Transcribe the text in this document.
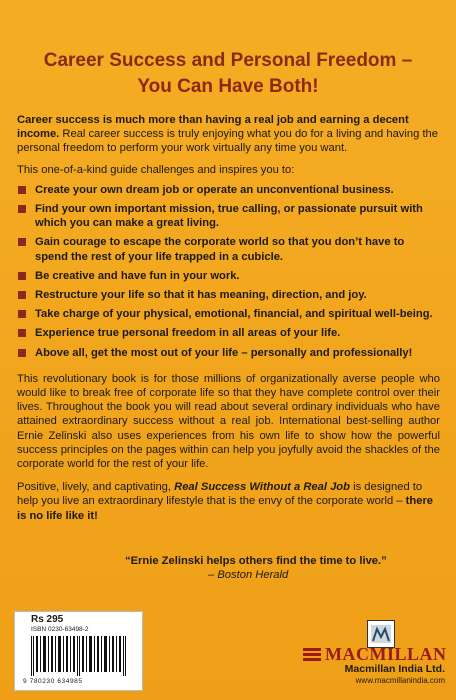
Career Success and Personal Freedom –
You Can Have Both!

Career success is much more than having a real job and earning a decent income. Real career success is truly enjoying what you do for a living and having the personal freedom to perform your work virtually any time you want.

This one-of-a-kind guide challenges and inspires you to:

Create your own dream job or operate an unconventional business.
Find your own important mission, true calling, or passionate pursuit with which you can make a great living.
Gain courage to escape the corporate world so that you don’t have to spend the rest of your life trapped in a cubicle.
Be creative and have fun in your work.
Restructure your life so that it has meaning, direction, and joy.
Take charge of your physical, emotional, financial, and spiritual well-being.
Experience true personal freedom in all areas of your life.
Above all, get the most out of your life – personally and professionally!

This revolutionary book is for those millions of organizationally averse people who would like to break free of corporate life so that they have complete control over their lives. Throughout the book you will read about several ordinary individuals who have attained extraordinary success without a real job. International best-selling author Ernie Zelinski also uses experiences from his own life to show how the powerful success principles on the pages within can help you joyfully avoid the shackles of the corporate world for the rest of your life.

Positive, lively, and captivating, Real Success Without a Real Job is designed to help you live an extraordinary lifestyle that is the envy of the corporate world – there is no life like it!

“Ernie Zelinski helps others find the time to live.”
– Boston Herald
Rs 295
ISBN 0230-63498-2
9 780230 634985
MACMILLAN
Macmillan India Ltd.
www.macmillanindia.com
